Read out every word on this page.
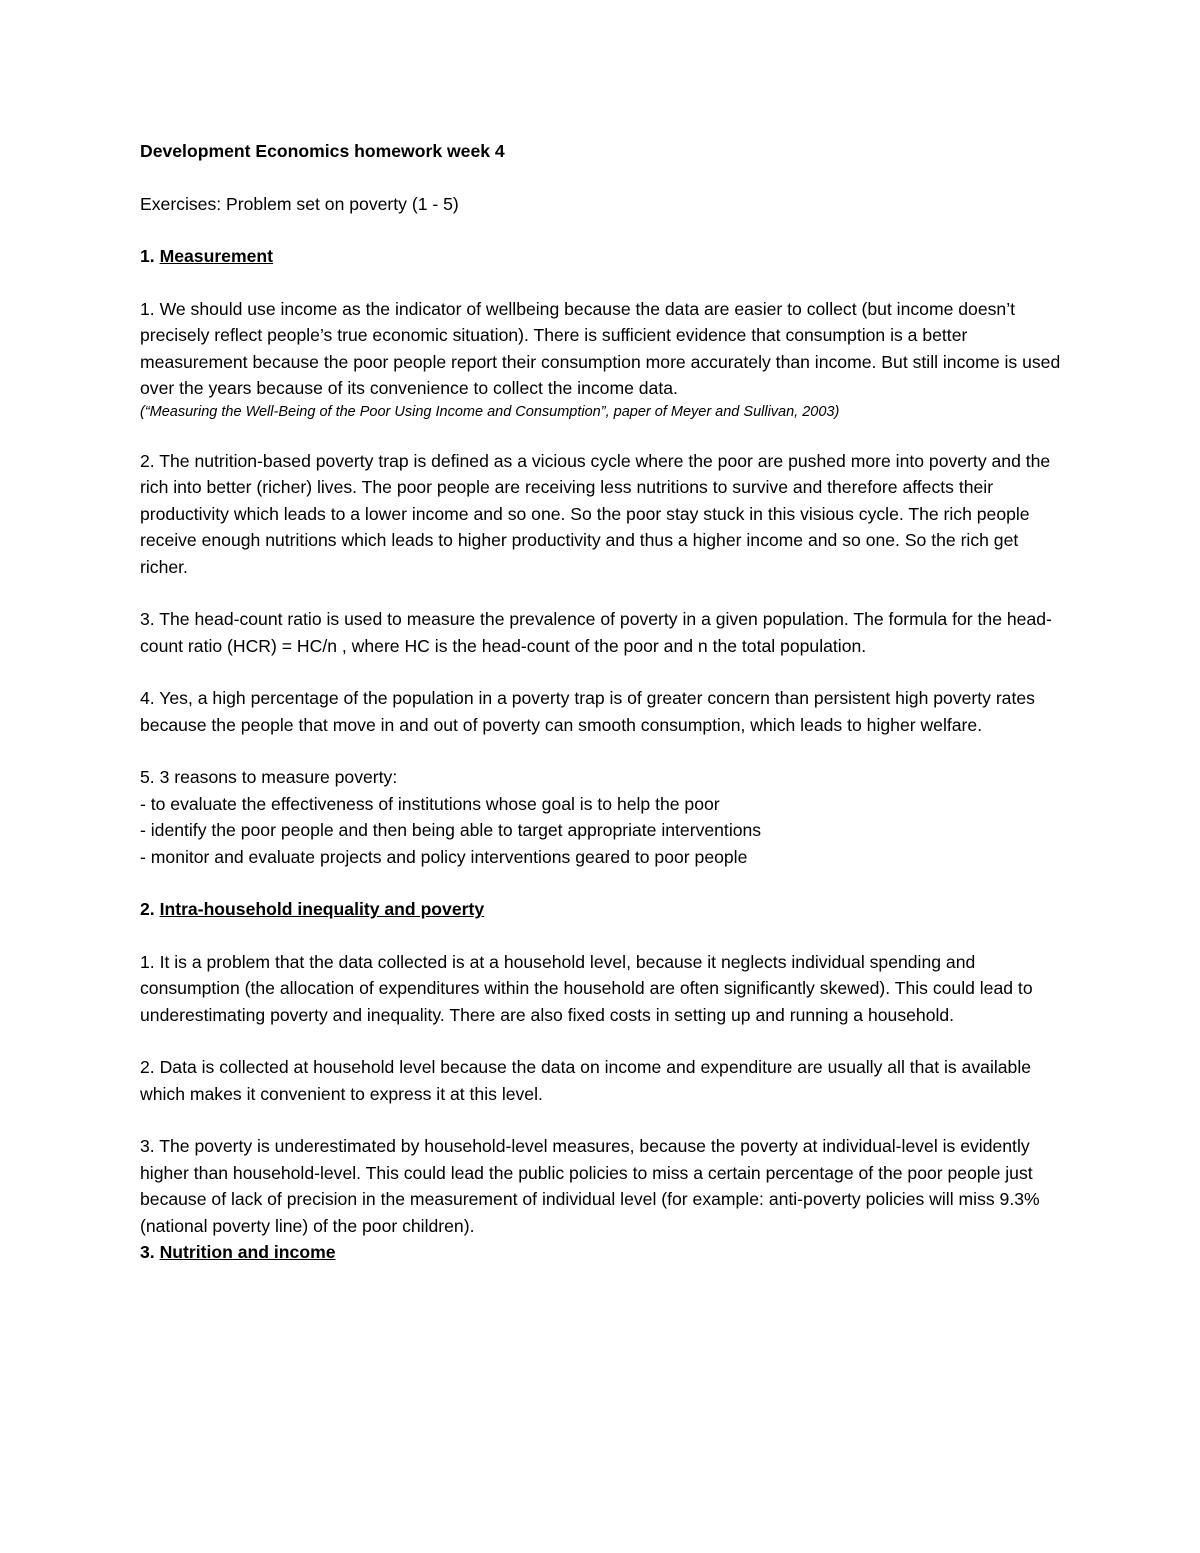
Development Economics homework week 4

Exercises: Problem set on poverty (1 - 5)

1. Measurement

1. We should use income as the indicator of wellbeing because the data are easier to collect (but income doesn’t precisely reflect people’s true economic situation). There is sufficient evidence that consumption is a better measurement because the poor people report their consumption more accurately than income. But still income is used over the years because of its convenience to collect the income data.

(“Measuring the Well-Being of the Poor Using Income and Consumption”, paper of Meyer and Sullivan, 2003)

2. The nutrition-based poverty trap is defined as a vicious cycle where the poor are pushed more into poverty and the rich into better (richer) lives. The poor people are receiving less nutritions to survive and therefore affects their productivity which leads to a lower income and so one. So the poor stay stuck in this visious cycle. The rich people receive enough nutritions which leads to higher productivity and thus a higher income and so one. So the rich get richer.

3. The head-count ratio is used to measure the prevalence of poverty in a given population. The formula for the head-count ratio (HCR) = HC/n , where HC is the head-count of the poor and n the total population.

4. Yes, a high percentage of the population in a poverty trap is of greater concern than persistent high poverty rates because the people that move in and out of poverty can smooth consumption, which leads to higher welfare.

5. 3 reasons to measure poverty:

- to evaluate the effectiveness of institutions whose goal is to help the poor
- identify the poor people and then being able to target appropriate interventions
- monitor and evaluate projects and policy interventions geared to poor people

2. Intra-household inequality and poverty

1. It is a problem that the data collected is at a household level, because it neglects individual spending and consumption (the allocation of expenditures within the household are often significantly skewed). This could lead to underestimating poverty and inequality. There are also fixed costs in setting up and running a household.

2. Data is collected at household level because the data on income and expenditure are usually all that is available which makes it convenient to express it at this level.

3. The poverty is underestimated by household-level measures, because the poverty at individual-level is evidently higher than household-level. This could lead the public policies to miss a certain percentage of the poor people just because of lack of precision in the measurement of individual level (for example: anti-poverty policies will miss 9.3% (national poverty line) of the poor children).

3. Nutrition and income
